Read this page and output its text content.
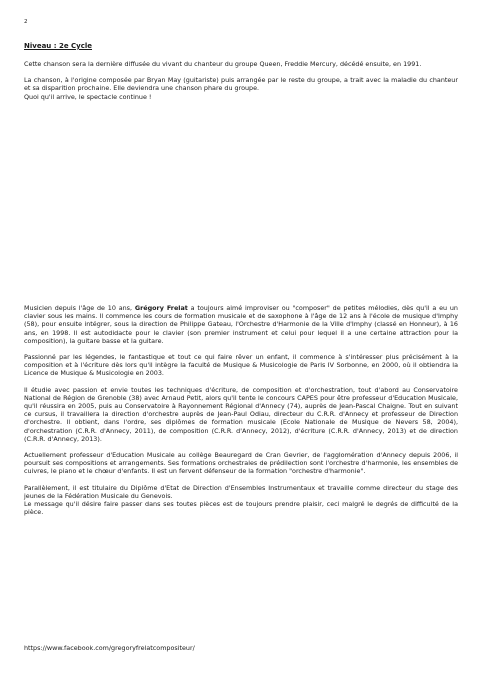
2
Niveau : 2e Cycle

Cette chanson sera la dernière diffusée du vivant du chanteur du groupe Queen, Freddie Mercury, décédé ensuite, en 1991.

La chanson, à l'origine composée par Bryan May (guitariste) puis arrangée par le reste du groupe, a trait avec la maladie du chanteur et sa disparition prochaine. Elle deviendra une chanson phare du groupe.
Quoi qu'il arrive, le spectacle continue !

Musicien depuis l'âge de 10 ans, Grégory Frelat a toujours aimé improviser ou "composer" de petites mélodies, dès qu'il a eu un clavier sous les mains. Il commence les cours de formation musicale et de saxophone à l'âge de 12 ans à l'école de musique d'Imphy (58), pour ensuite intégrer, sous la direction de Philippe Gateau, l'Orchestre d'Harmonie de la Ville d'Imphy (classé en Honneur), à 16 ans, en 1998. Il est autodidacte pour le clavier (son premier instrument et celui pour lequel il a une certaine attraction pour la composition), la guitare basse et la guitare.

Passionné par les légendes, le fantastique et tout ce qui faire rêver un enfant, il commence à s'intéresser plus précisément à la composition et à l'écriture dès lors qu'il intègre la faculté de Musique & Musicologie de Paris IV Sorbonne, en 2000, où il obtiendra la Licence de Musique & Musicologie en 2003.

Il étudie avec passion et envie toutes les techniques d'écriture, de composition et d'orchestration, tout d'abord au Conservatoire National de Région de Grenoble (38) avec Arnaud Petit, alors qu'il tente le concours CAPES pour être professeur d'Education Musicale, qu'il réussira en 2005, puis au Conservatoire à Rayonnement Régional d'Annecy (74), auprès de Jean-Pascal Chaigne. Tout en suivant ce cursus, il travaillera la direction d'orchestre auprès de Jean-Paul Odiau, directeur du C.R.R. d'Annecy et professeur de Direction d'orchestre. Il obtient, dans l'ordre, ses diplômes de formation musicale (Ecole Nationale de Musique de Nevers 58, 2004), d'orchestration (C.R.R. d'Annecy, 2011), de composition (C.R.R. d'Annecy, 2012), d'écriture (C.R.R. d'Annecy, 2013) et de direction (C.R.R. d'Annecy, 2013).

Actuellement professeur d'Education Musicale au collège Beauregard de Cran Gevrier, de l'agglomération d'Annecy depuis 2006, il poursuit ses compositions et arrangements. Ses formations orchestrales de prédilection sont l'orchestre d'harmonie, les ensembles de cuivres, le piano et le chœur d'enfants. Il est un fervent défenseur de la formation "orchestre d'harmonie".

Parallèlement, il est titulaire du Diplôme d'Etat de Direction d'Ensembles Instrumentaux et travaille comme directeur du stage des jeunes de la Fédération Musicale du Genevois.
Le message qu'il désire faire passer dans ses toutes pièces est de toujours prendre plaisir, ceci malgré le degrés de difficulté de la pièce.

https://www.facebook.com/gregoryfrelatcompositeur/
